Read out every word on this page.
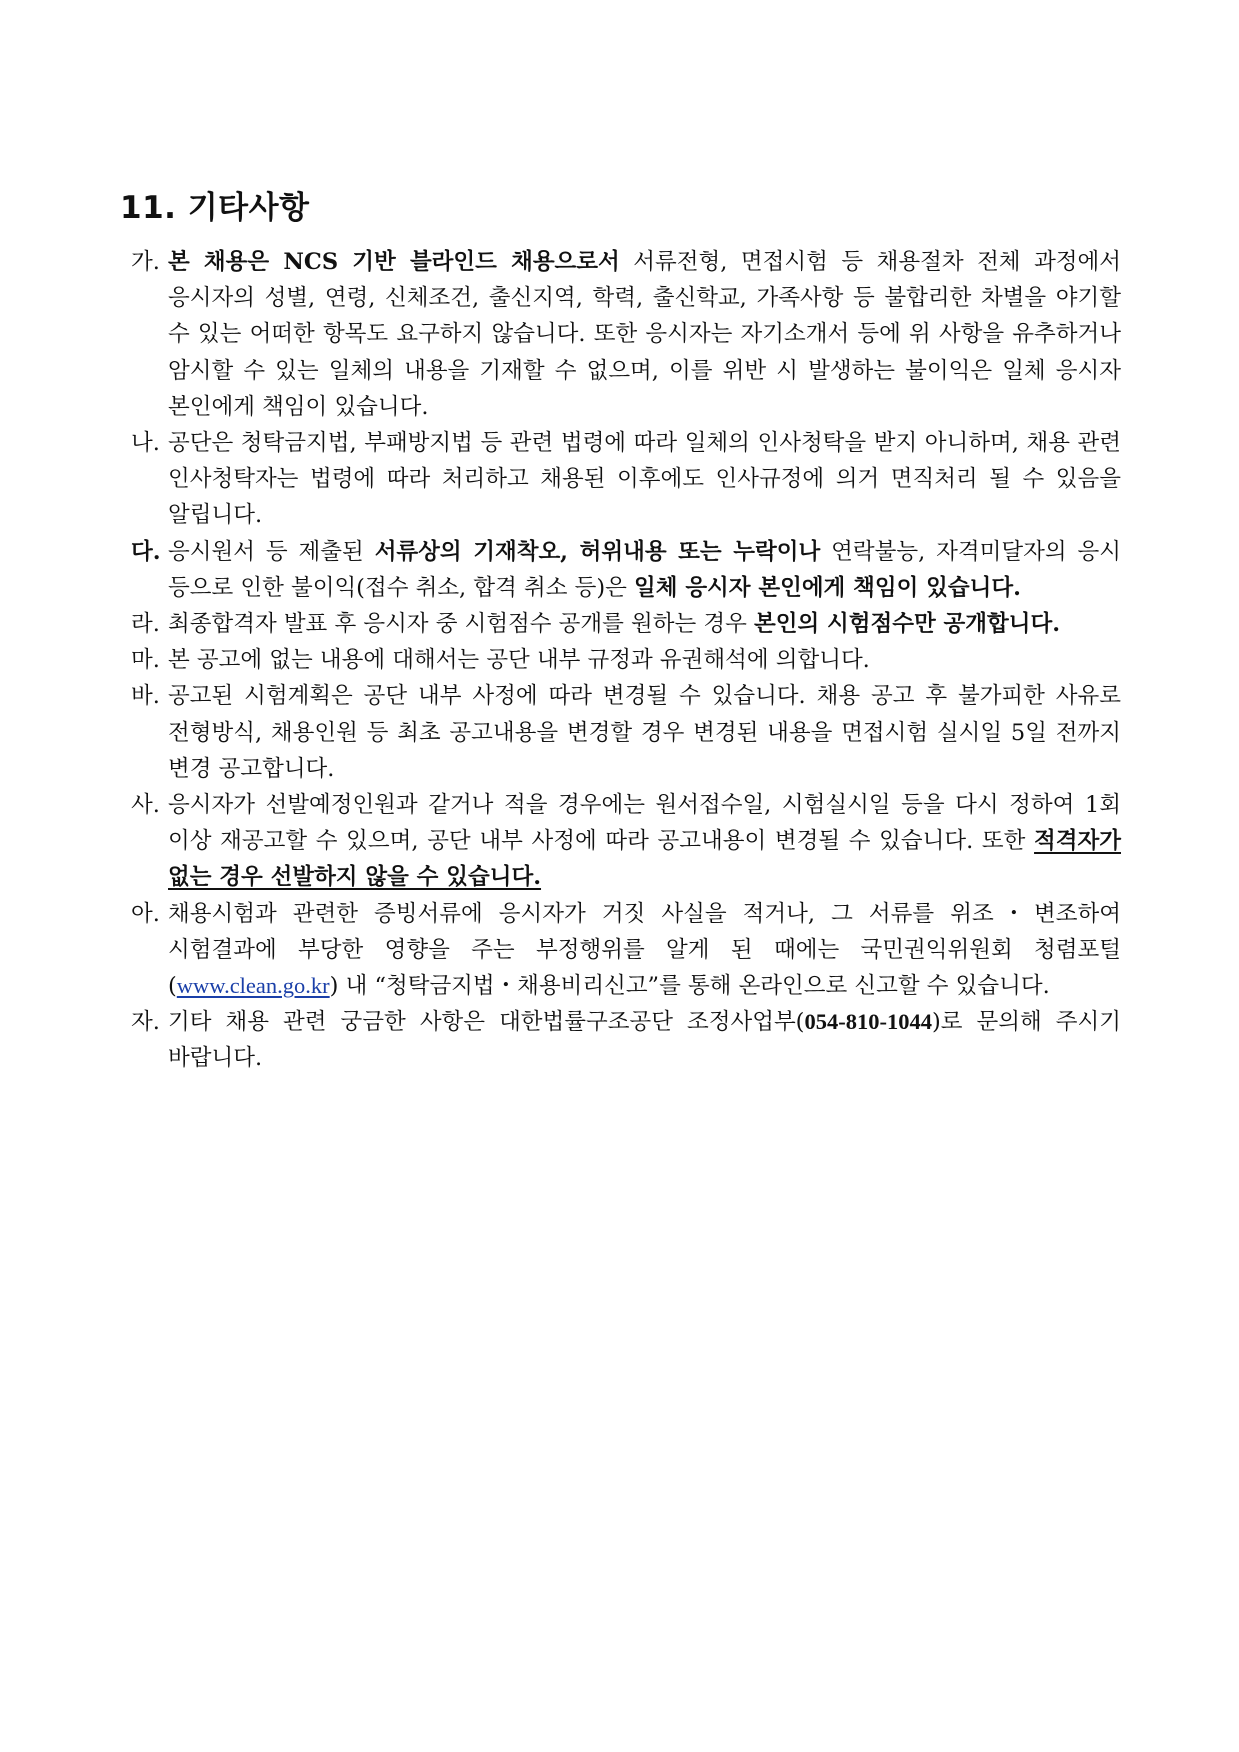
11. 기타사항
가. 본 채용은 NCS 기반 블라인드 채용으로서 서류전형, 면접시험 등 채용절차 전체 과정에서 응시자의 성별, 연령, 신체조건, 출신지역, 학력, 출신학교, 가족사항 등 불합리한 차별을 야기할 수 있는 어떠한 항목도 요구하지 않습니다. 또한 응시자는 자기소개서 등에 위 사항을 유추하거나 암시할 수 있는 일체의 내용을 기재할 수 없으며, 이를 위반 시 발생하는 불이익은 일체 응시자 본인에게 책임이 있습니다.
나. 공단은 청탁금지법, 부패방지법 등 관련 법령에 따라 일체의 인사청탁을 받지 아니하며, 채용 관련 인사청탁자는 법령에 따라 처리하고 채용된 이후에도 인사규정에 의거 면직처리 될 수 있음을 알립니다.
다. 응시원서 등 제출된 서류상의 기재착오, 허위내용 또는 누락이나 연락불능, 자격미달자의 응시 등으로 인한 불이익(접수 취소, 합격 취소 등)은 일체 응시자 본인에게 책임이 있습니다.
라. 최종합격자 발표 후 응시자 중 시험점수 공개를 원하는 경우 본인의 시험점수만 공개합니다.
마. 본 공고에 없는 내용에 대해서는 공단 내부 규정과 유권해석에 의합니다.
바. 공고된 시험계획은 공단 내부 사정에 따라 변경될 수 있습니다. 채용 공고 후 불가피한 사유로 전형방식, 채용인원 등 최초 공고내용을 변경할 경우 변경된 내용을 면접시험 실시일 5일 전까지 변경 공고합니다.
사. 응시자가 선발예정인원과 같거나 적을 경우에는 원서접수일, 시험실시일 등을 다시 정하여 1회 이상 재공고할 수 있으며, 공단 내부 사정에 따라 공고내용이 변경될 수 있습니다. 또한 적격자가 없는 경우 선발하지 않을 수 있습니다.
아. 채용시험과 관련한 증빙서류에 응시자가 거짓 사실을 적거나, 그 서류를 위조・변조하여 시험결과에 부당한 영향을 주는 부정행위를 알게 된 때에는 국민권익위원회 청렴포털(www.clean.go.kr) 내 “청탁금지법・채용비리신고”를 통해 온라인으로 신고할 수 있습니다.
자. 기타 채용 관련 궁금한 사항은 대한법률구조공단 조정사업부(054-810-1044)로 문의해 주시기 바랍니다.
